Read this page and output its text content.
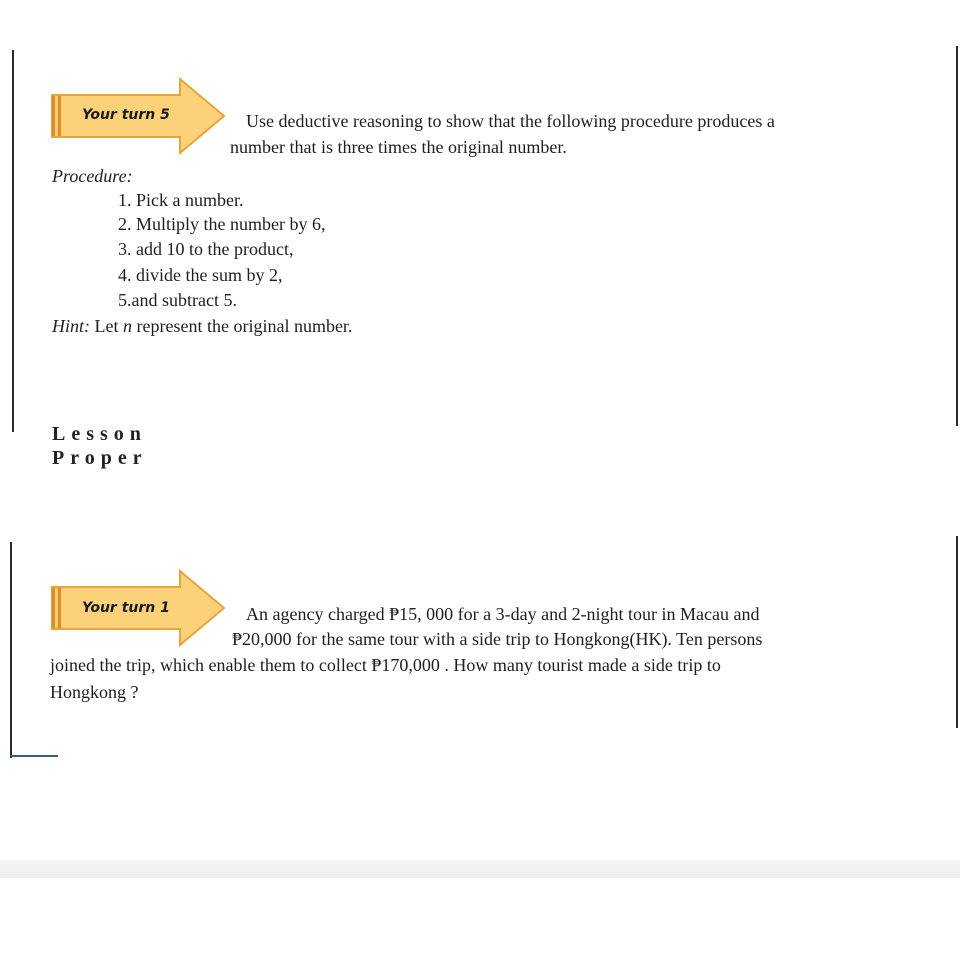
Your turn 5	Use deductive reasoning to show that the following procedure produces a
number that is three times the original number.
Procedure:
1. Pick a number.
2. Multiply the number by 6,
3. add 10 to the product,
4. divide the sum by 2,
5.and subtract 5.
Hint: Let n represent the original number.
Lesson Proper
Your turn 1	An agency charged ₱15, 000 for a 3-day and 2-night tour in Macau and
₱20,000 for the same tour with a side trip to Hongkong(HK). Ten persons
joined the trip, which enable them to collect ₱170,000 . How many tourist made a side trip to
Hongkong ?
